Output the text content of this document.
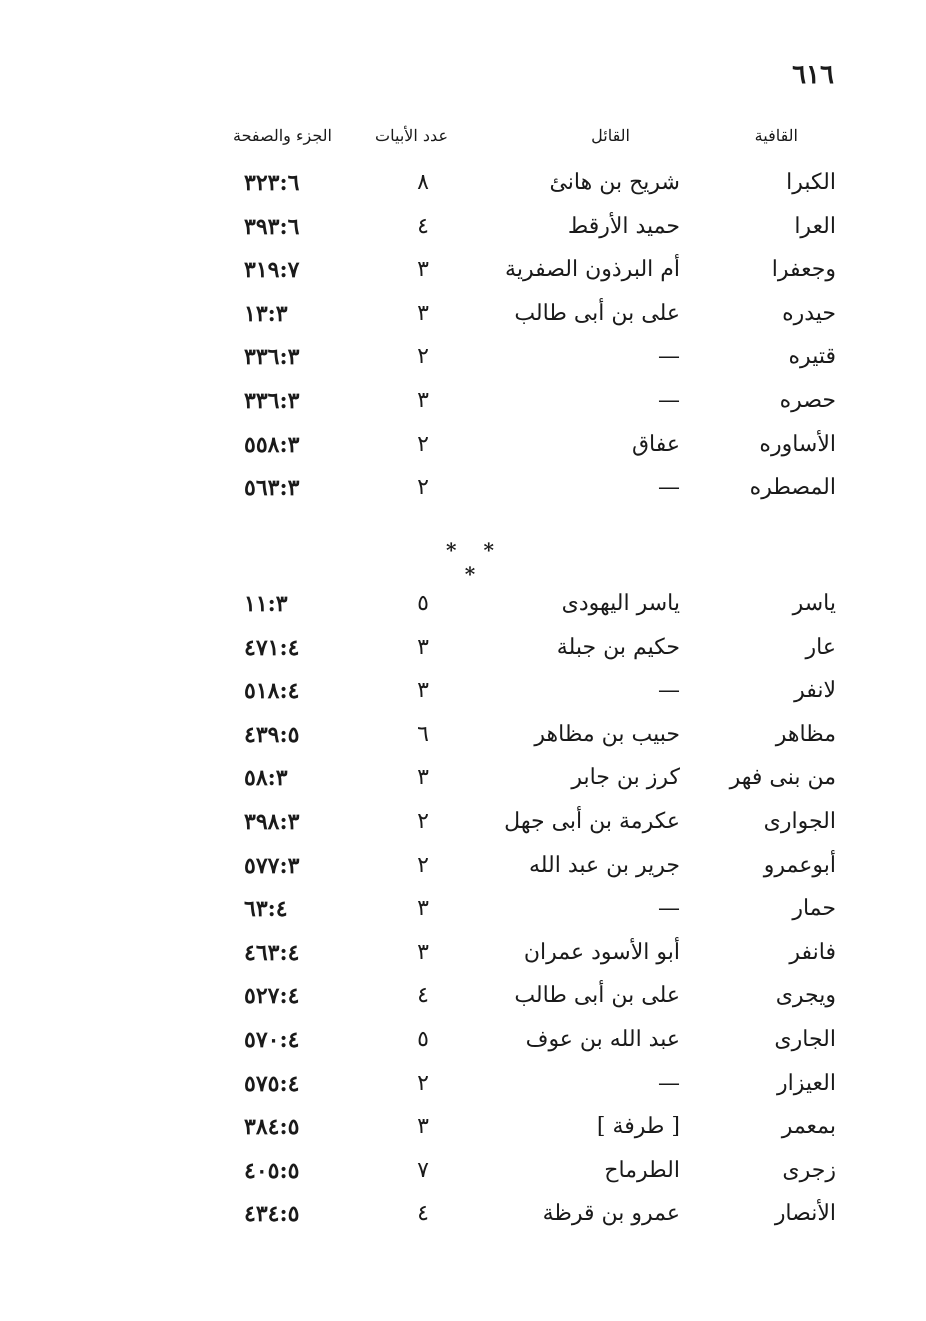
٦١٦
القافية
القائل
عدد الأبيات
الجزء والصفحة
الكبرا
شريح بن هانئ
٨
٣٢٣:٦
العرا
حميد الأرقط
٤
٣٩٣:٦
وجعفرا
أم البرذون الصفرية
٣
٣١٩:٧
حيدره
على بن أبى طالب
٣
١٣:٣
قتيره
—
٢
٣٣٦:٣
حصره
—
٣
٣٣٦:٣
الأساوره
عفاق
٢
٥٥٨:٣
المصطره
—
٢
٥٦٣:٣
* * *
ياسر
ياسر اليهودى
٥
١١:٣
عار
حكيم بن جبلة
٣
٤٧١:٤
لانفر
—
٣
٥١٨:٤
مظاهر
حبيب بن مظاهر
٦
٤٣٩:٥
من بنى فهر
كرز بن جابر
٣
٥٨:٣
الجوارى
عكرمة بن أبى جهل
٢
٣٩٨:٣
أبوعمرو
جرير بن عبد الله
٢
٥٧٧:٣
حمار
—
٣
٦٣:٤
فانفر
أبو الأسود عمران
٣
٤٦٣:٤
ويجرى
على بن أبى طالب
٤
٥٢٧:٤
الجارى
عبد الله بن عوف
٥
٥٧٠:٤
العيزار
—
٢
٥٧٥:٤
بمعمر
[ طرفة ]
٣
٣٨٤:٥
زجرى
الطرماح
٧
٤٠٥:٥
الأنصار
عمرو بن قرظة
٤
٤٣٤:٥
